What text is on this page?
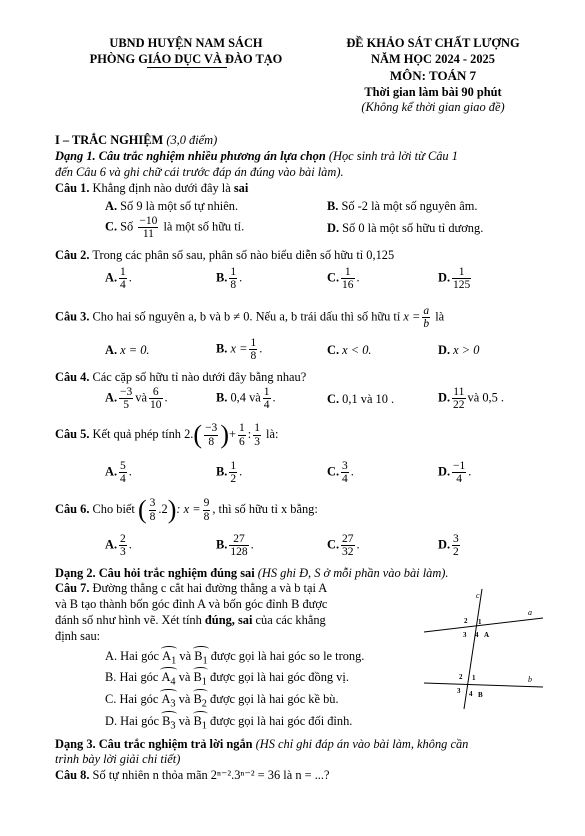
UBND HUYỆN NAM SÁCH
PHÒNG GIÁO DỤC VÀ ĐÀO TẠO
ĐỀ KHẢO SÁT CHẤT LƯỢNG
NĂM HỌC 2024 - 2025
MÔN: TOÁN 7
Thời gian làm bài 90 phút
(Không kể thời gian giao đề)
I – TRẮC NGHIỆM (3,0 điểm)
Dạng 1. Câu trắc nghiệm nhiều phương án lựa chọn (Học sinh trả lời từ Câu 1
đến Câu 6 và ghi chữ cái trước đáp án đúng vào bài làm).
Câu 1. Khẳng định nào dưới đây là sai
A. Số 9 là một số tự nhiên.	B. Số -2 là một số nguyên âm.
C. Số $\frac{-10}{11}$ là một số hữu tỉ.	D. Số 0 là một số hữu tỉ dương.
Câu 2. Trong các phân số sau, phân số nào biểu diễn số hữu tỉ 0,125
A. $\frac{1}{4}$ .	B. $\frac{1}{8}$ .	C. $\frac{1}{16}$ .	D. $\frac{1}{125}$
Câu 3. Cho hai số nguyên a, b và b ≠ 0. Nếu a, b trái dấu thì số hữu tỉ $x = \frac{a}{b}$ là
A. x = 0.	B. $x = \frac{1}{8}$ .	C. x < 0.	D. x > 0
Câu 4. Các cặp số hữu tỉ nào dưới đây bằng nhau?
A. $\frac{-3}{5}$ và $\frac{6}{10}$ .	B. 0,4 và $\frac{1}{4}$ .	C. 0,1 và 10 .	D. $\frac{11}{22}$ và 0,5 .
Câu 5. Kết quả phép tính $2.( \frac{-3}{8}$ )+ $\frac{1}{6}$ : $\frac{1}{3}$ là:
A. $\frac{5}{4}$ .	B. $\frac{1}{2}$ .	C. $\frac{3}{4}$ .	D. $\frac{-1}{4}$ .
Câu 6. Cho biết ( $\frac{3}{8} .2$): $x = \frac{9}{8}$ , thì số hữu tỉ x bằng:
A. $\frac{2}{3}$ .	B. $\frac{27}{128}$ .	C. $\frac{27}{32}$ .	D. $\frac{3}{2}$
Dạng 2. Câu hỏi trắc nghiệm đúng sai (HS ghi Đ, S ở mỗi phần vào bài làm).
Câu 7. Đường thẳng c cắt hai đường thẳng a và b tại A
và B tạo thành bốn góc đỉnh A và bốn góc đỉnh B được
đánh số như hình vẽ. Xét tính đúng, sai của các khẳng
định sau:
A. Hai góc $A_1$ và $B_1$ được gọi là hai góc so le trong.
B. Hai góc $A_4$ và $B_1$ được gọi là hai góc đồng vị.
C. Hai góc $A_3$ và $B_2$ được gọi là hai góc kề bù.
D. Hai góc $B_3$ và $B_1$ được gọi là hai góc đối đỉnh.
c
a
b
1
2
3 4 A
1
2
3 4 B
Dạng 3. Câu trắc nghiệm trả lời ngắn (HS chỉ ghi đáp án vào bài làm, không cần
trình bày lời giải chi tiết)
Câu 8. Số tự nhiên n thỏa mãn 2ⁿ⁻².3ⁿ⁻² = 36 là n = ...?
